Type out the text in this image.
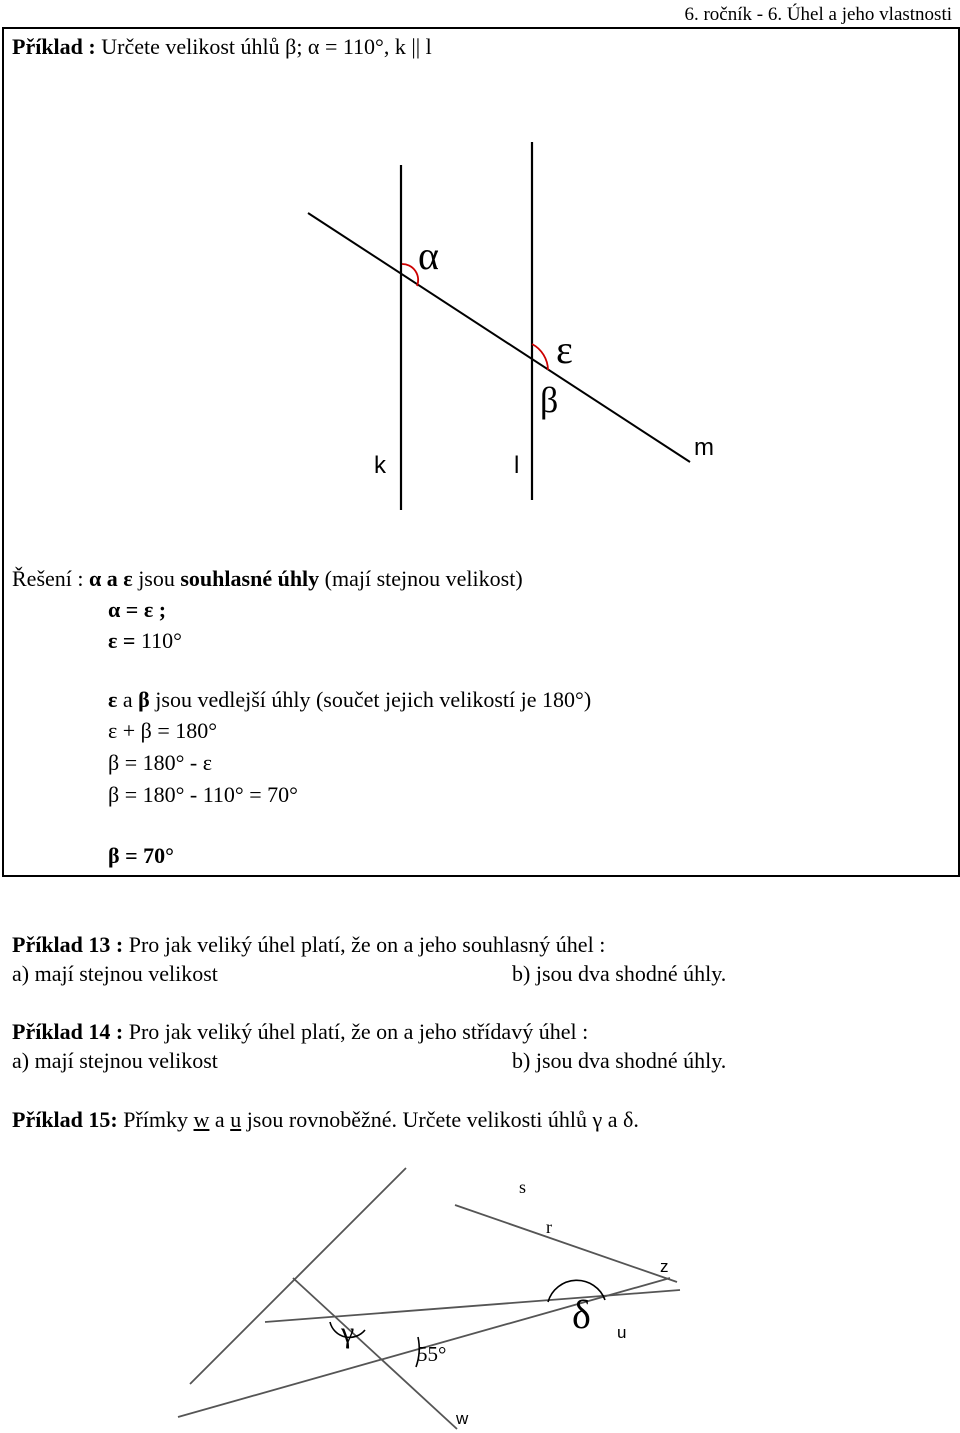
6. ročník - 6. Úhel a jeho vlastnosti
Příklad : Určete velikost úhlů β; α = 110°, k || l
α
ε
β
k	l
m
Řešení : α a ε jsou souhlasné úhly (mají stejnou velikost)
α = ε ;
ε = 110°
ε a β jsou vedlejší úhly (součet jejich velikostí je 180°)
ε + β = 180°
β = 180° - ε
β = 180° - 110° = 70°
β = 70°
Příklad 13 : Pro jak veliký úhel platí, že on a jeho souhlasný úhel :
a) mají stejnou velikost	b) jsou dva shodné úhly.
Příklad 14 : Pro jak veliký úhel platí, že on a jeho střídavý úhel :
a) mají stejnou velikost	b) jsou dva shodné úhly.
Příklad 15: Přímky w a u jsou rovnoběžné. Určete velikosti úhlů γ a δ.
s
r
z
u
w
γ	δ
55°
